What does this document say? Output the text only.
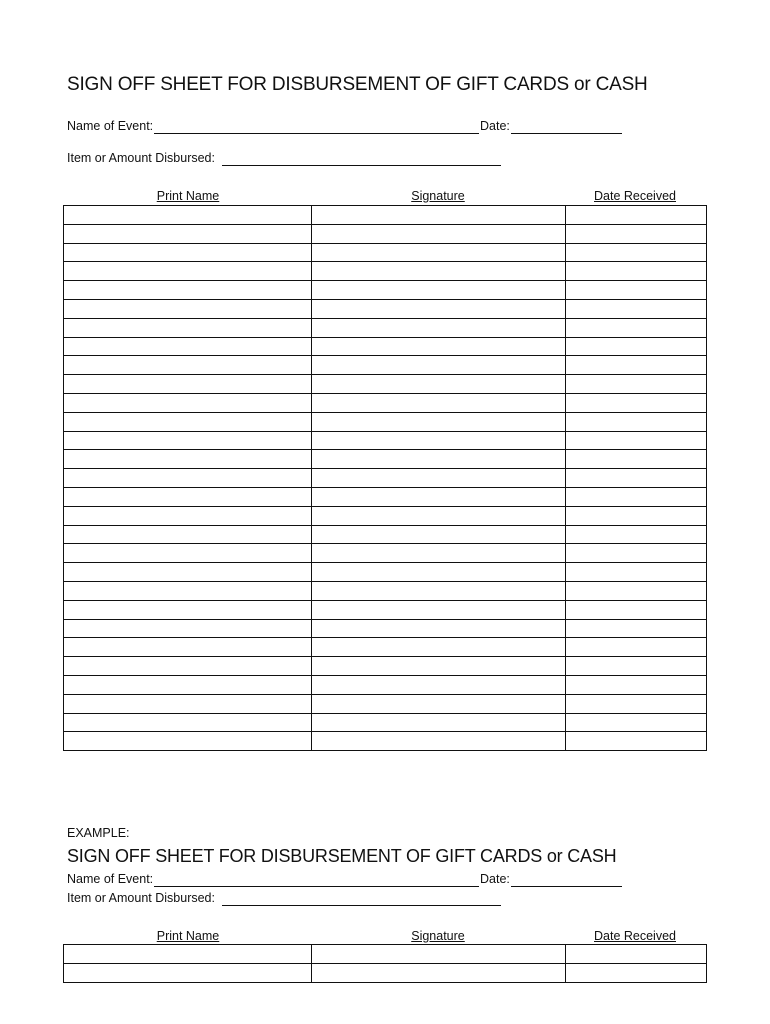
SIGN OFF SHEET FOR DISBURSEMENT OF GIFT CARDS or CASH
Name of Event:	Date:
Item or Amount Disbursed:
Print Name	Signature	Date Received

EXAMPLE:
SIGN OFF SHEET FOR DISBURSEMENT OF GIFT CARDS or CASH
Name of Event:	Date:
Item or Amount Disbursed:
Print Name	Signature	Date Received
